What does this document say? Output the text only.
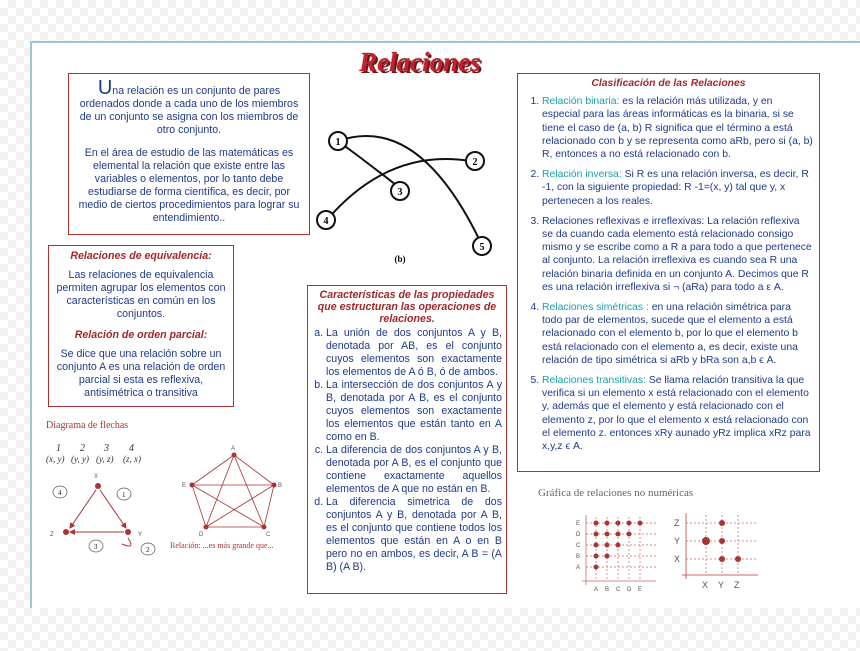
Relaciones

Una relación es un conjunto de pares ordenados donde a cada uno de los miembros de un conjunto se asigna con los miembros de otro conjunto.

En el área de estudio de las matemáticas es elemental la relación que existe entre las variables o elementos, por lo tanto debe estudiarse de forma científica, es decir, por medio de ciertos procedimientos para lograr su entendimiento..

1
2
3
4
5
(b)
Relaciones de equivalencia:

Las relaciones de equivalencia permiten agrupar los elementos con características en común en los conjuntos.

Relación de orden parcial:

Se dice que una relación sobre un conjunto A es una relación de orden parcial si esta es reflexiva, antisimétrica o transitiva

Características de las propiedades que estructuran las operaciones de relaciones.
a. La unión de dos conjuntos A y B, denotada por AB, es el conjunto cuyos elementos son exactamente los elementos de A ó B, ó de ambos.
b. La intersección de dos conjuntos A y B, denotada por A B, es el conjunto cuyos elementos son exactamente los elementos que están tanto en A como en B.
c. La diferencia de dos conjuntos A y B, denotada por A B, es el conjunto que contiene exactamente aquellos elementos de A que no están en B.
d. La diferencia simetrica de dos conjuntos A y B, denotada por A B, es el conjunto que contiene todos los elementos que están en A o en B pero no en ambos, es decir, A B = (A B) (A B).
Clasificación de las Relaciones
1. Relación binaria: es la relación más utilizada, y en especial para las áreas informáticas es la binaria, si se tiene el caso de (a, b) R significa que el término a está relacionado con b y se representa como aRb, pero si (a, b) R, entonces a no está relacionado con b.
2. Relación inversa: Si R es una relación inversa, es decir, R -1, con la siguiente propiedad: R -1=(x, y) tal que y, x pertenecen a los reales.
3. Relaciones reflexivas e irreflexivas: La relación reflexiva se da cuando cada elemento está relacionado consigo mismo y se escribe como a R a para todo a que pertenece al conjunto. La relación irreflexiva es cuando sea R una relación binaria definida en un conjunto A. Decimos que R es una relación irreflexiva si ¬ (aRa) para todo a ε A.
4. Relaciones simétricas : en una relación simétrica para todo par de elementos, sucede que el elemento a está relacionado con el elemento b, por lo que el elemento b está relacionado con el elemento a, es decir, existe una relación de tipo simétrica si aRb y bRa son a,b ϵ A.
5. Relaciones transitivas: Se llama relación transitiva la que verifica si un elemento x está relacionado con el elemento y, además que el elemento y está relacionado con el elemento z, por lo que el elemento x está relacionado con el elemento z. entonces xRy aunado yRz implica xRz para x,y,z ϵ A.
Diagrama de flechas
1 2 3 4
(x, y) (y, y) (y, z) (z, x)
X
Y
Z
4	1
3	2
A
B
C
D
E
Relación: ...es más grande que...
Gráfica de relaciones no numéricas
E
D
C
B
A
A B C D E
Z
Y
X
X Y Z
